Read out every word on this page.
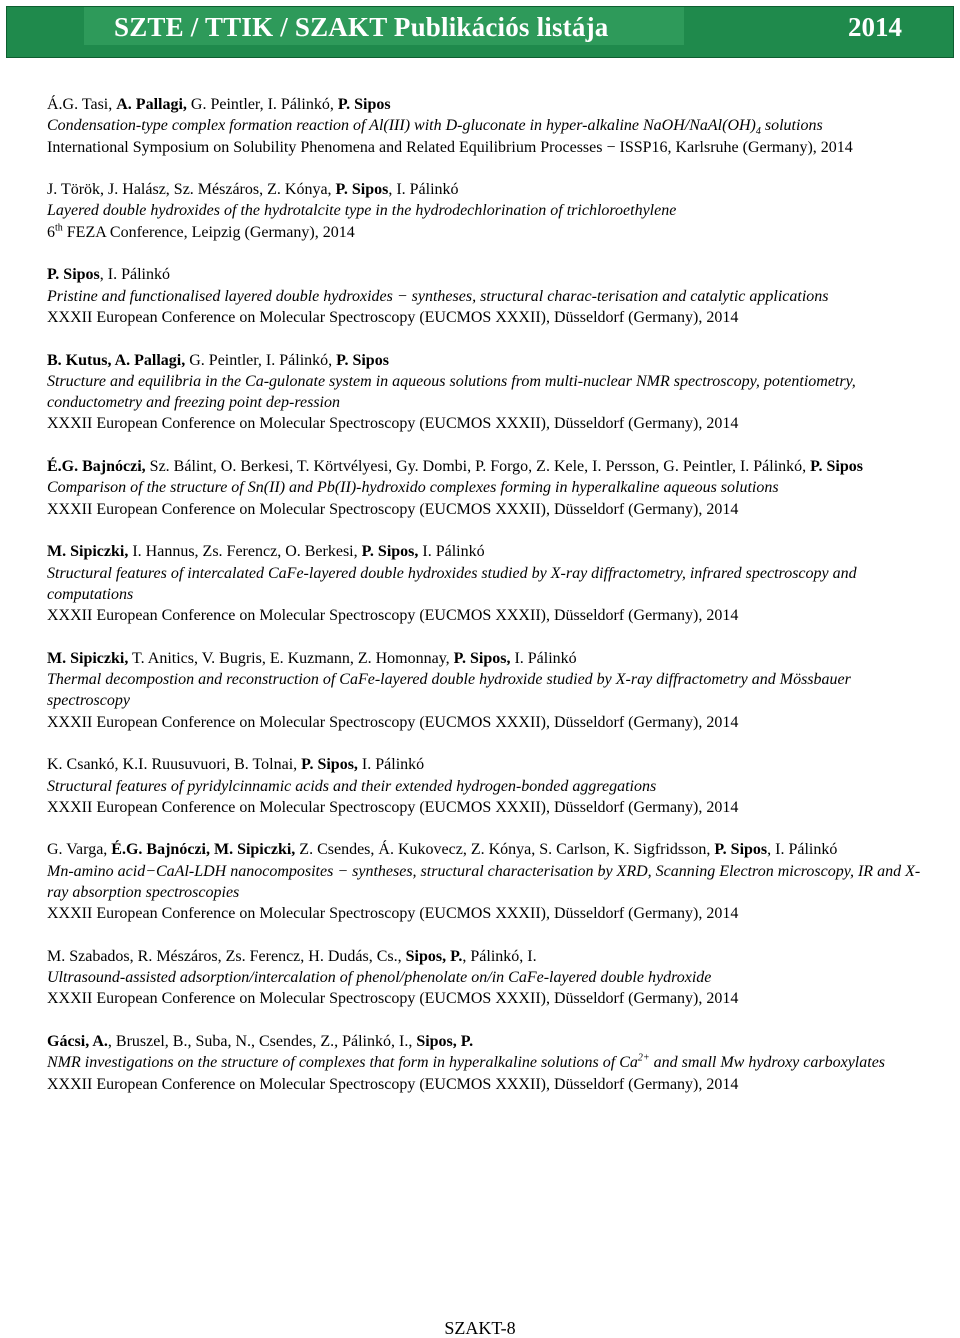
SZTE / TTIK / SZAKT Publikációs listája	2014
Á.G. Tasi, A. Pallagi, G. Peintler, I. Pálinkó, P. Sipos
Condensation-type complex formation reaction of Al(III) with D-gluconate in hyper-alkaline NaOH/$NaAl(OH)_4$ solutions
International Symposium on Solubility Phenomena and Related Equilibrium Processes − ISSP16, Karlsruhe (Germany), 2014
J. Török, J. Halász, Sz. Mészáros, Z. Kónya, P. Sipos, I. Pálinkó
Layered double hydroxides of the hydrotalcite type in the hydrodechlorination of trichloroethylene
6th FEZA Conference, Leipzig (Germany), 2014
P. Sipos, I. Pálinkó
Pristine and functionalised layered double hydroxides − syntheses, structural charac-terisation and catalytic applications
XXXII European Conference on Molecular Spectroscopy (EUCMOS XXXII), Düsseldorf (Germany), 2014
B. Kutus, A. Pallagi, G. Peintler, I. Pálinkó, P. Sipos
Structure and equilibria in the Ca-gulonate system in aqueous solutions from multi-nuclear NMR spectroscopy, potentiometry, conductometry and freezing point dep-ression
XXXII European Conference on Molecular Spectroscopy (EUCMOS XXXII), Düsseldorf (Germany), 2014
É.G. Bajnóczi, Sz. Bálint, O. Berkesi, T. Körtvélyesi, Gy. Dombi, P. Forgo, Z. Kele, I. Persson, G. Peintler, I. Pálinkó, P. Sipos
Comparison of the structure of Sn(II) and Pb(II)-hydroxido complexes forming in hyperalkaline aqueous solutions
XXXII European Conference on Molecular Spectroscopy (EUCMOS XXXII), Düsseldorf (Germany), 2014
M. Sipiczki, I. Hannus, Zs. Ferencz, O. Berkesi, P. Sipos, I. Pálinkó
Structural features of intercalated CaFe-layered double hydroxides studied by X-ray diffractometry, infrared spectroscopy and computations
XXXII European Conference on Molecular Spectroscopy (EUCMOS XXXII), Düsseldorf (Germany), 2014
M. Sipiczki, T. Anitics, V. Bugris, E. Kuzmann, Z. Homonnay, P. Sipos, I. Pálinkó
Thermal decompostion and reconstruction of CaFe-layered double hydroxide studied by X-ray diffractometry and Mössbauer spectroscopy
XXXII European Conference on Molecular Spectroscopy (EUCMOS XXXII), Düsseldorf (Germany), 2014
K. Csankó, K.I. Ruusuvuori, B. Tolnai, P. Sipos, I. Pálinkó
Structural features of pyridylcinnamic acids and their extended hydrogen-bonded aggregations
XXXII European Conference on Molecular Spectroscopy (EUCMOS XXXII), Düsseldorf (Germany), 2014
G. Varga, É.G. Bajnóczi, M. Sipiczki, Z. Csendes, Á. Kukovecz, Z. Kónya, S. Carlson, K. Sigfridsson, P. Sipos, I. Pálinkó
Mn-amino acid−CaAl-LDH nanocomposites − syntheses, structural characterisation by XRD, Scanning Electron microscopy, IR and X-ray absorption spectroscopies
XXXII European Conference on Molecular Spectroscopy (EUCMOS XXXII), Düsseldorf (Germany), 2014
M. Szabados, R. Mészáros, Zs. Ferencz, H. Dudás, Cs., Sipos, P., Pálinkó, I.
Ultrasound-assisted adsorption/intercalation of phenol/phenolate on/in CaFe-layered double hydroxide
XXXII European Conference on Molecular Spectroscopy (EUCMOS XXXII), Düsseldorf (Germany), 2014
Gácsi, A., Bruszel, B., Suba, N., Csendes, Z., Pálinkó, I., Sipos, P.
NMR investigations on the structure of complexes that form in hyperalkaline solutions of $Ca^{2+}$ and small Mw hydroxy carboxylates
XXXII European Conference on Molecular Spectroscopy (EUCMOS XXXII), Düsseldorf (Germany), 2014
SZAKT-8
